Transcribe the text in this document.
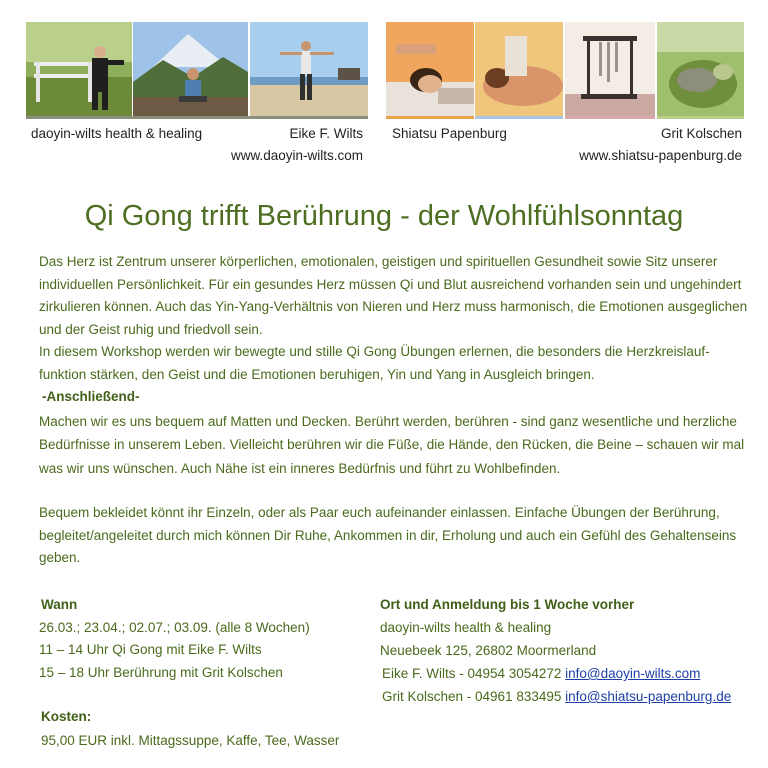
daoyin-wilts health & healing	Eike F. Wilts
www.daoyin-wilts.com
Shiatsu Papenburg	Grit Kolschen
www.shiatsu-papenburg.de
Qi Gong trifft Berührung - der Wohlfühlsonntag

Das Herz ist Zentrum unserer körperlichen, emotionalen, geistigen und spirituellen Gesundheit sowie Sitz unserer individuellen Persönlichkeit. Für ein gesundes Herz müssen Qi und Blut ausreichend vorhanden sein und ungehindert zirkulieren können. Auch das Yin-Yang-Verhältnis von Nieren und Herz muss harmonisch, die Emotionen ausgeglichen und der Geist ruhig und friedvoll sein.

In diesem Workshop werden wir bewegte und stille Qi Gong Übungen erlernen, die besonders die Herzkreislauf-funktion stärken, den Geist und die Emotionen beruhigen, Yin und Yang in Ausgleich bringen.

-Anschließend-

Machen wir es uns bequem auf Matten und Decken. Berührt werden, berühren - sind ganz wesentliche und herzliche Bedürfnisse in unserem Leben. Vielleicht berühren wir die Füße, die Hände, den Rücken, die Beine – schauen wir mal was wir uns wünschen. Auch Nähe ist ein inneres Bedürfnis und führt zu Wohlbefinden.

Bequem bekleidet könnt ihr Einzeln, oder als Paar euch aufeinander einlassen. Einfache Übungen der Berührung, begleitet/angeleitet durch mich können Dir Ruhe, Ankommen in dir, Erholung und auch ein Gefühl des Gehaltenseins geben.

Wann
26.03.; 23.04.; 02.07.; 03.09. (alle 8 Wochen)
11 – 14 Uhr Qi Gong mit Eike F. Wilts
15 – 18 Uhr Berührung mit Grit Kolschen
Kosten:
95,00 EUR inkl. Mittagssuppe, Kaffe, Tee, Wasser
Ort und Anmeldung bis 1 Woche vorher
daoyin-wilts health & healing
Neuebeek 125, 26802 Moormerland
Eike F. Wilts - 04954 3054272 info@daoyin-wilts.com
Grit Kolschen - 04961 833495 info@shiatsu-papenburg.de
